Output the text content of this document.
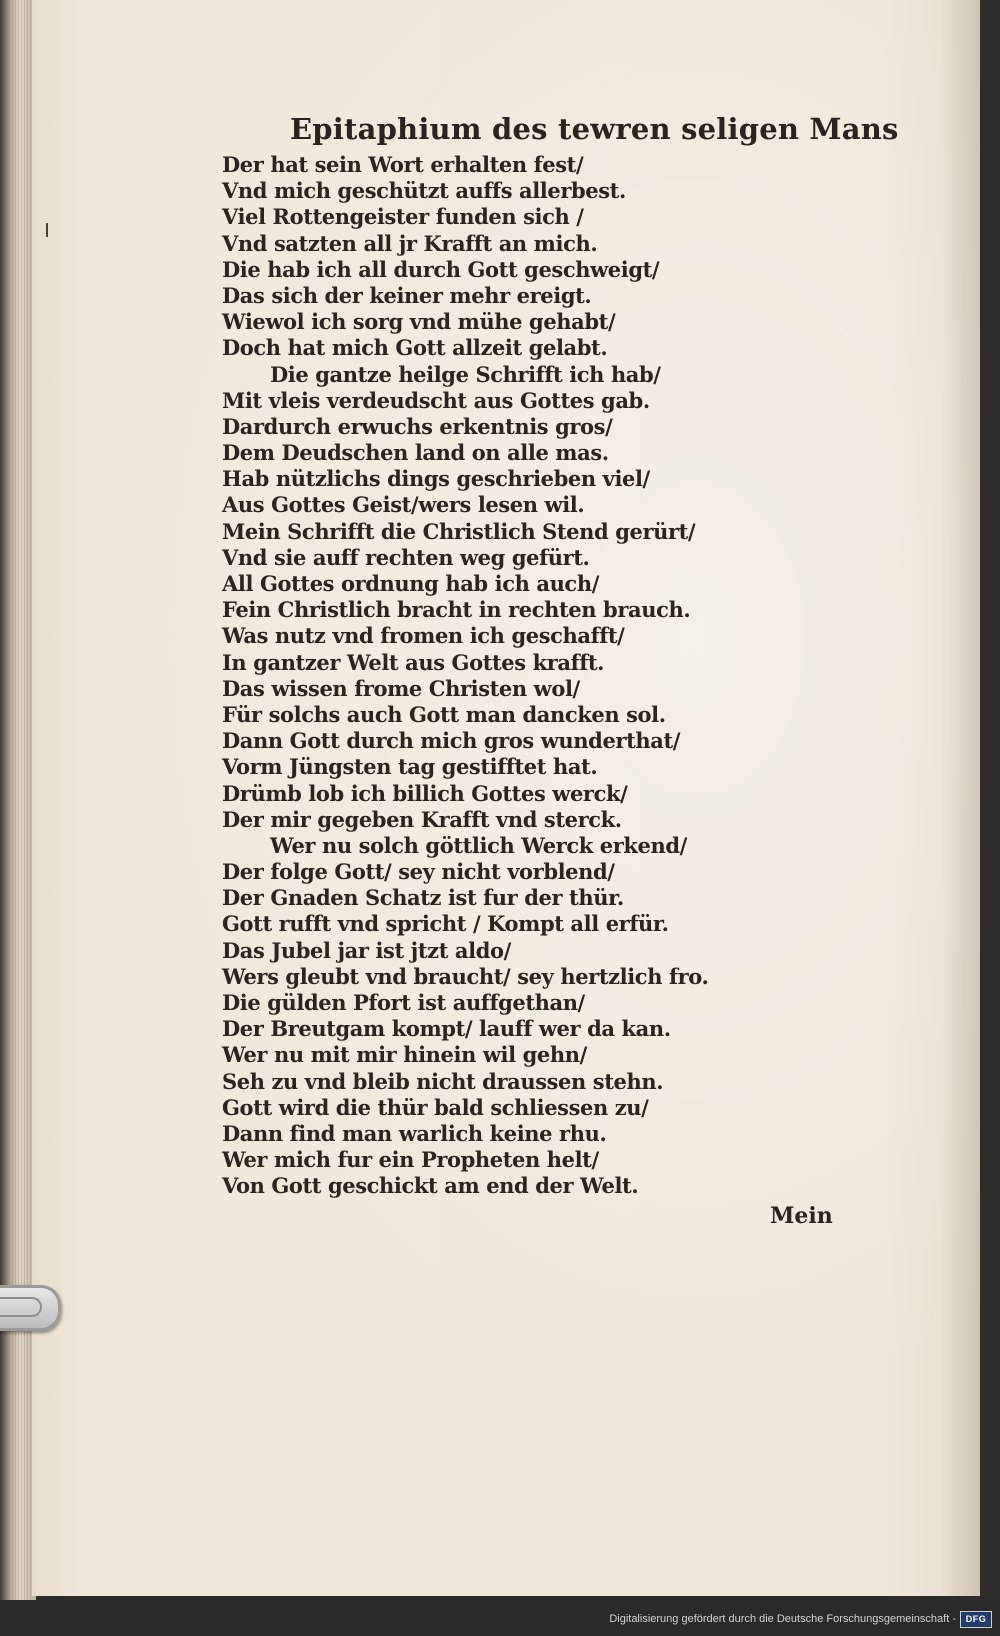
Epitaphium des tewren seligen Mans
Der hat sein Wort erhalten fest/
Vnd mich geschützt auffs allerbest.
Viel Rottengeister funden sich /
Vnd satzten all jr Krafft an mich.
Die hab ich all durch Gott geschweigt/
Das sich der keiner mehr ereigt.
Wiewol ich sorg vnd mühe gehabt/
Doch hat mich Gott allzeit gelabt.
Die gantze heilge Schrifft ich hab/
Mit vleis verdeudscht aus Gottes gab.
Dardurch erwuchs erkentnis gros/
Dem Deudschen land on alle mas.
Hab nützlichs dings geschrieben viel/
Aus Gottes Geist/wers lesen wil.
Mein Schrifft die Christlich Stend gerürt/
Vnd sie auff rechten weg gefürt.
All Gottes ordnung hab ich auch/
Fein Christlich bracht in rechten brauch.
Was nutz vnd fromen ich geschafft/
In gantzer Welt aus Gottes krafft.
Das wissen frome Christen wol/
Für solchs auch Gott man dancken sol.
Dann Gott durch mich gros wunderthat/
Vorm Jüngsten tag gestifftet hat.
Drümb lob ich billich Gottes werck/
Der mir gegeben Krafft vnd sterck.
Wer nu solch göttlich Werck erkend/
Der folge Gott/ sey nicht vorblend/
Der Gnaden Schatz ist fur der thür.
Gott rufft vnd spricht / Kompt all erfür.
Das Jubel jar ist jtzt aldo/
Wers gleubt vnd braucht/ sey hertzlich fro.
Die gülden Pfort ist auffgethan/
Der Breutgam kompt/ lauff wer da kan.
Wer nu mit mir hinein wil gehn/
Seh zu vnd bleib nicht draussen stehn.
Gott wird die thür bald schliessen zu/
Dann find man warlich keine rhu.
Wer mich fur ein Propheten helt/
Von Gott geschickt am end der Welt.
Mein
Digitalisierung gefördert durch die Deutsche Forschungsgemeinschaft -	DFG
